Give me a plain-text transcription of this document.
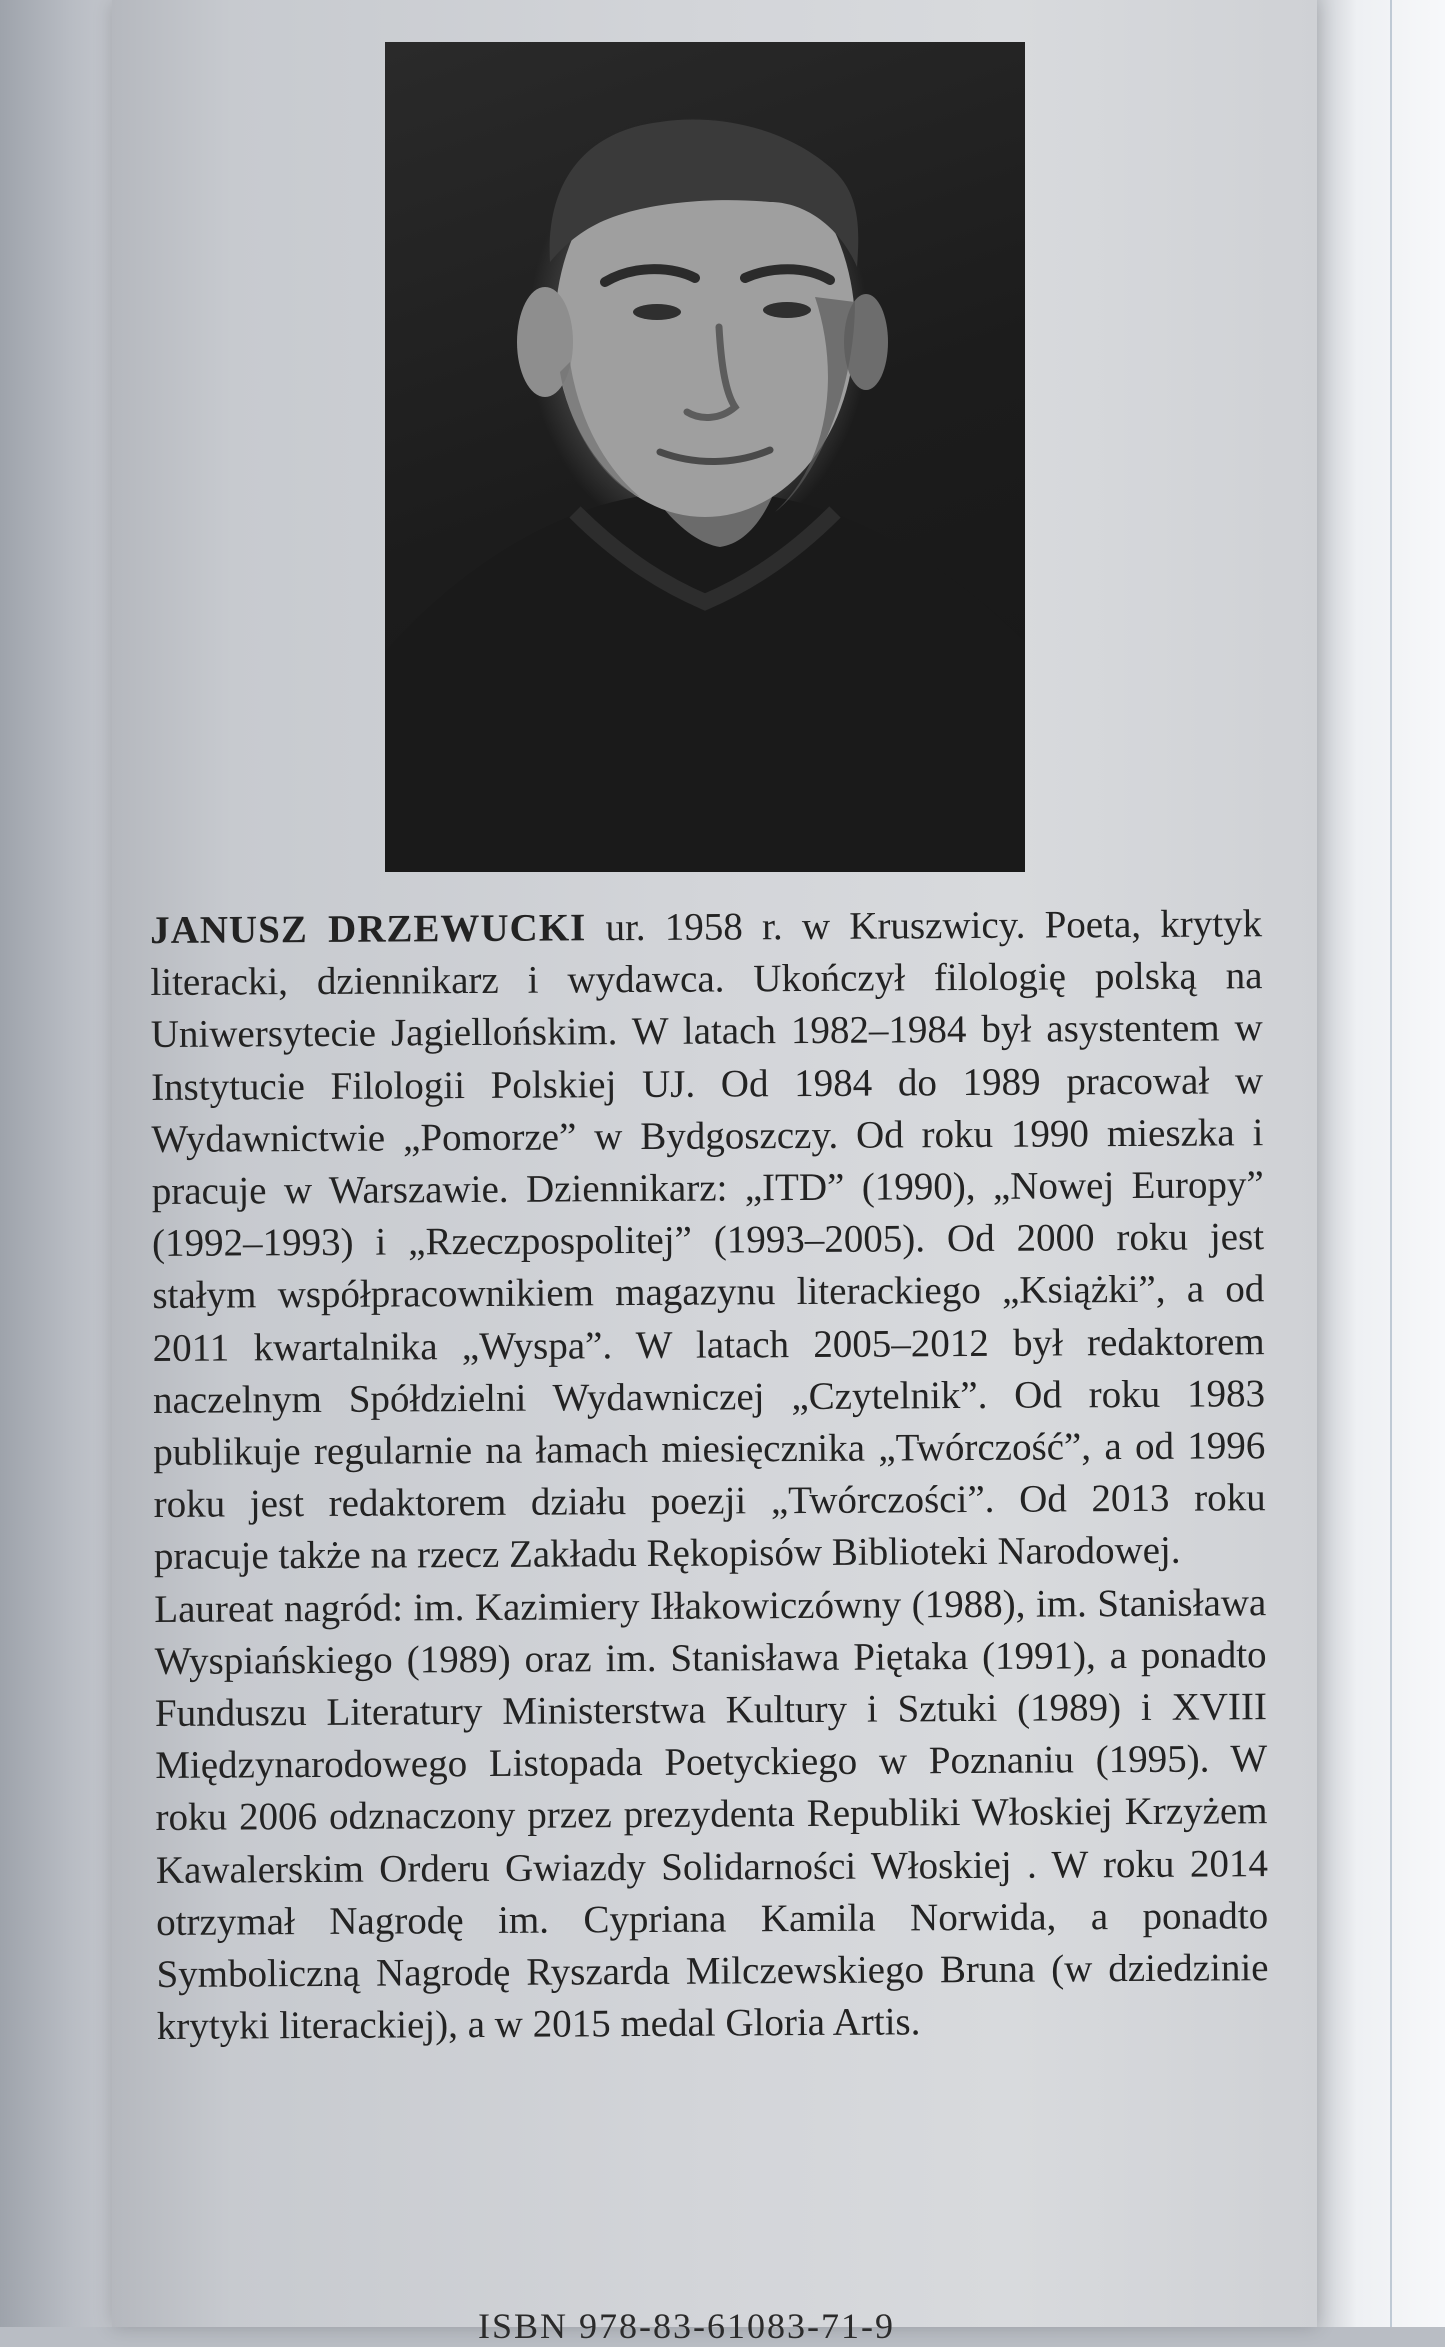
JANUSZ DRZEWUCKI ur. 1958 r. w Kruszwicy. Poeta, krytyk literacki, dziennikarz i wydawca. Ukończył filologię polską na Uniwersytecie Jagiellońskim. W latach 1982–1984 był asystentem w Instytucie Filologii Polskiej UJ. Od 1984 do 1989 pracował w Wydawnictwie „Pomorze” w Bydgoszczy. Od roku 1990 mieszka i pracuje w Warszawie. Dziennikarz: „ITD” (1990), „Nowej Europy” (1992–1993) i „Rzeczpospolitej” (1993–2005). Od 2000 roku jest stałym współpracownikiem magazynu literackiego „Książki”, a od 2011 kwartalnika „Wyspa”. W latach 2005–2012 był redaktorem naczelnym Spółdzielni Wydawniczej „Czytelnik”. Od roku 1983 publikuje regularnie na łamach miesięcznika „Twórczość”, a od 1996 roku jest redaktorem działu poezji „Twórczości”. Od 2013 roku pracuje także na rzecz Zakładu Rękopisów Biblioteki Narodowej.

Laureat nagród: im. Kazimiery Iłłakowiczówny (1988), im. Stanisława Wyspiańskiego (1989) oraz im. Stanisława Piętaka (1991), a ponadto Funduszu Literatury Ministerstwa Kultury i Sztuki (1989) i XVIII Międzynarodowego Listopada Poetyckiego w Poznaniu (1995). W roku 2006 odznaczony przez prezydenta Republiki Włoskiej Krzyżem Kawalerskim Orderu Gwiazdy Solidarności Włoskiej . W roku 2014 otrzymał Nagrodę im. Cypriana Kamila Norwida, a ponadto Symboliczną Nagrodę Ryszarda Milczewskiego Bruna (w dziedzinie krytyki literackiej), a w 2015 medal Gloria Artis.

ISBN 978-83-61083-71-9
